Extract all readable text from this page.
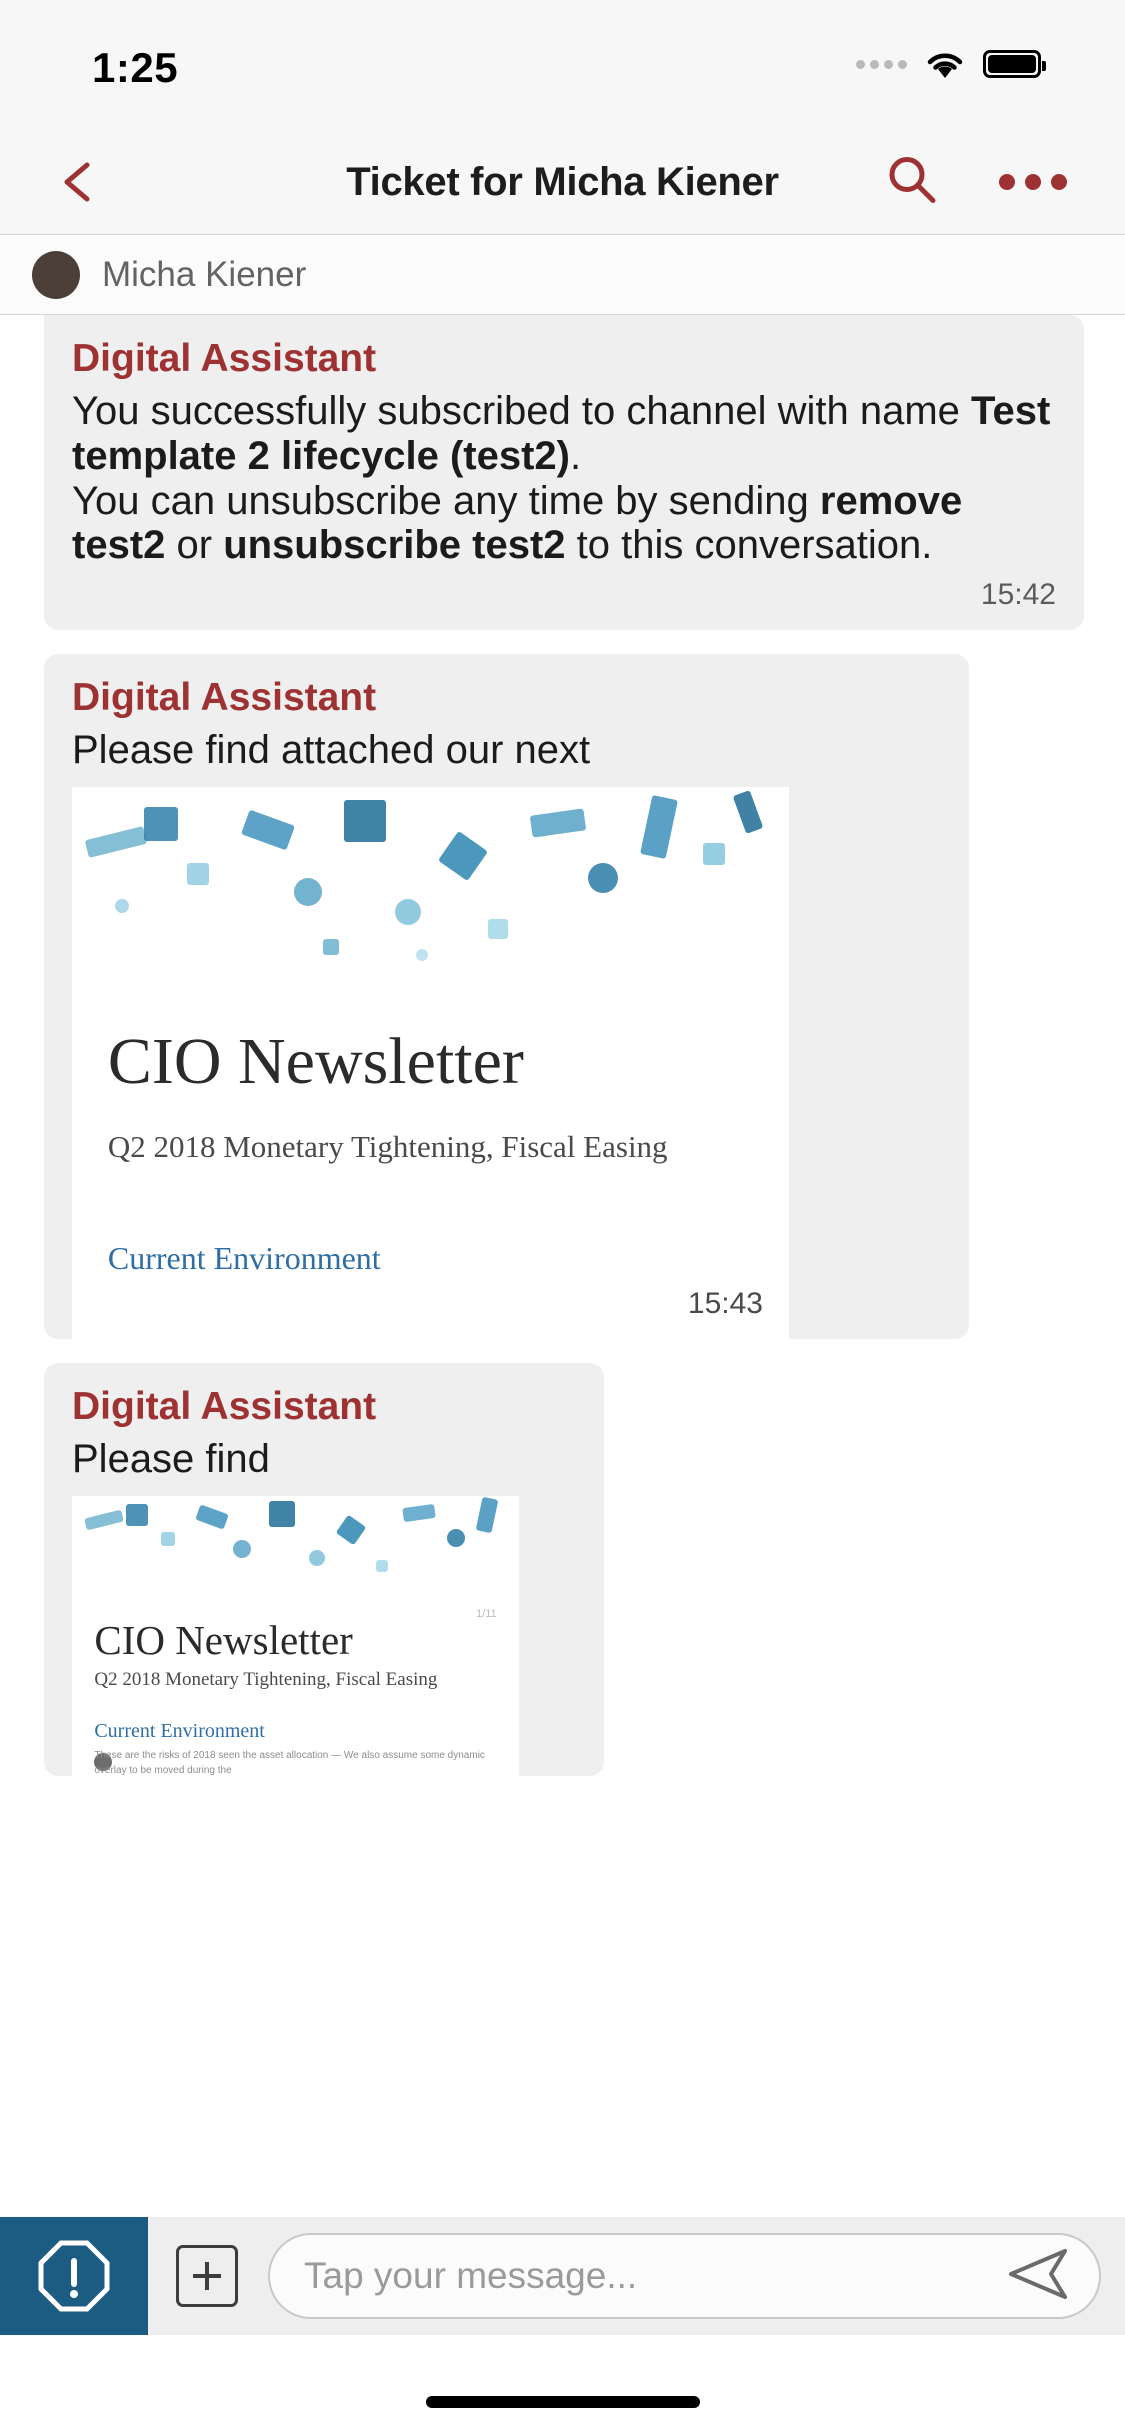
1:25
Ticket for Micha Kiener
Micha Kiener
Digital Assistant
You successfully subscribed to channel with name Test template 2 lifecycle (test2).
You can unsubscribe any time by sending remove test2 or unsubscribe test2 to this conversation.
15:42
Digital Assistant
Please find attached our next
CIO Newsletter
Q2 2018 Monetary Tightening, Fiscal Easing
Current Environment
15:43
Digital Assistant
Please find
1/11
CIO Newsletter
Q2 2018 Monetary Tightening, Fiscal Easing
Current Environment
These are the risks of 2018 seen the asset allocation — We also assume some dynamic overlay to be moved during the
Tap your message...
